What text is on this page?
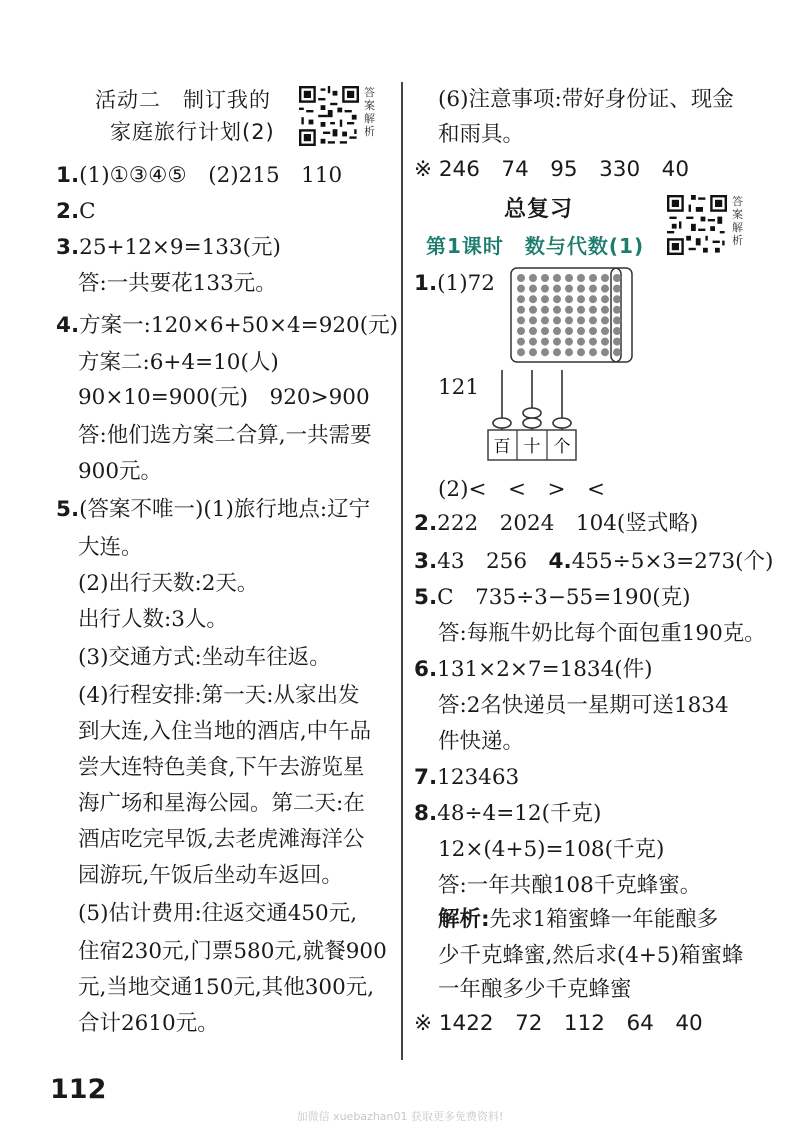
活动二　制订我的
家庭旅行计划(2)
答案解析
1.(1)①③④⑤　(2)215　110
2.C
3.25+12×9=133(元)
答:一共要花133元。
4.方案一:120×6+50×4=920(元)
方案二:6+4=10(人)
90×10=900(元)　920>900
答:他们选方案二合算,一共需要
900元。
5.(答案不唯一)(1)旅行地点:辽宁
大连。
(2)出行天数:2天。
出行人数:3人。
(3)交通方式:坐动车往返。
(4)行程安排:第一天:从家出发
到大连,入住当地的酒店,中午品
尝大连特色美食,下午去游览星
海广场和星海公园。第二天:在
酒店吃完早饭,去老虎滩海洋公
园游玩,午饭后坐动车返回。
(5)估计费用:往返交通450元,
住宿230元,门票580元,就餐900
元,当地交通150元,其他300元,
合计2610元。
(6)注意事项:带好身份证、现金
和雨具。
※ 246　74　95　330　40
总复习
第1课时　数与代数(1)
答案解析
1.(1)72
121
百 十 个
(2)<　<　>　<
2.222　2024　104(竖式略)
3.43　256　4.455÷5×3=273(个)
5.C　735÷3−55=190(克)
答:每瓶牛奶比每个面包重190克。
6.131×2×7=1834(件)
答:2名快递员一星期可送1834
件快递。
7.123463
8.48÷4=12(千克)
12×(4+5)=108(千克)
答:一年共酿108千克蜂蜜。
解析:先求1箱蜜蜂一年能酿多
少千克蜂蜜,然后求(4+5)箱蜜蜂
一年酿多少千克蜂蜜
※ 1422　72　112　64　40
112
加微信 xuebazhan01 获取更多免费资料!
